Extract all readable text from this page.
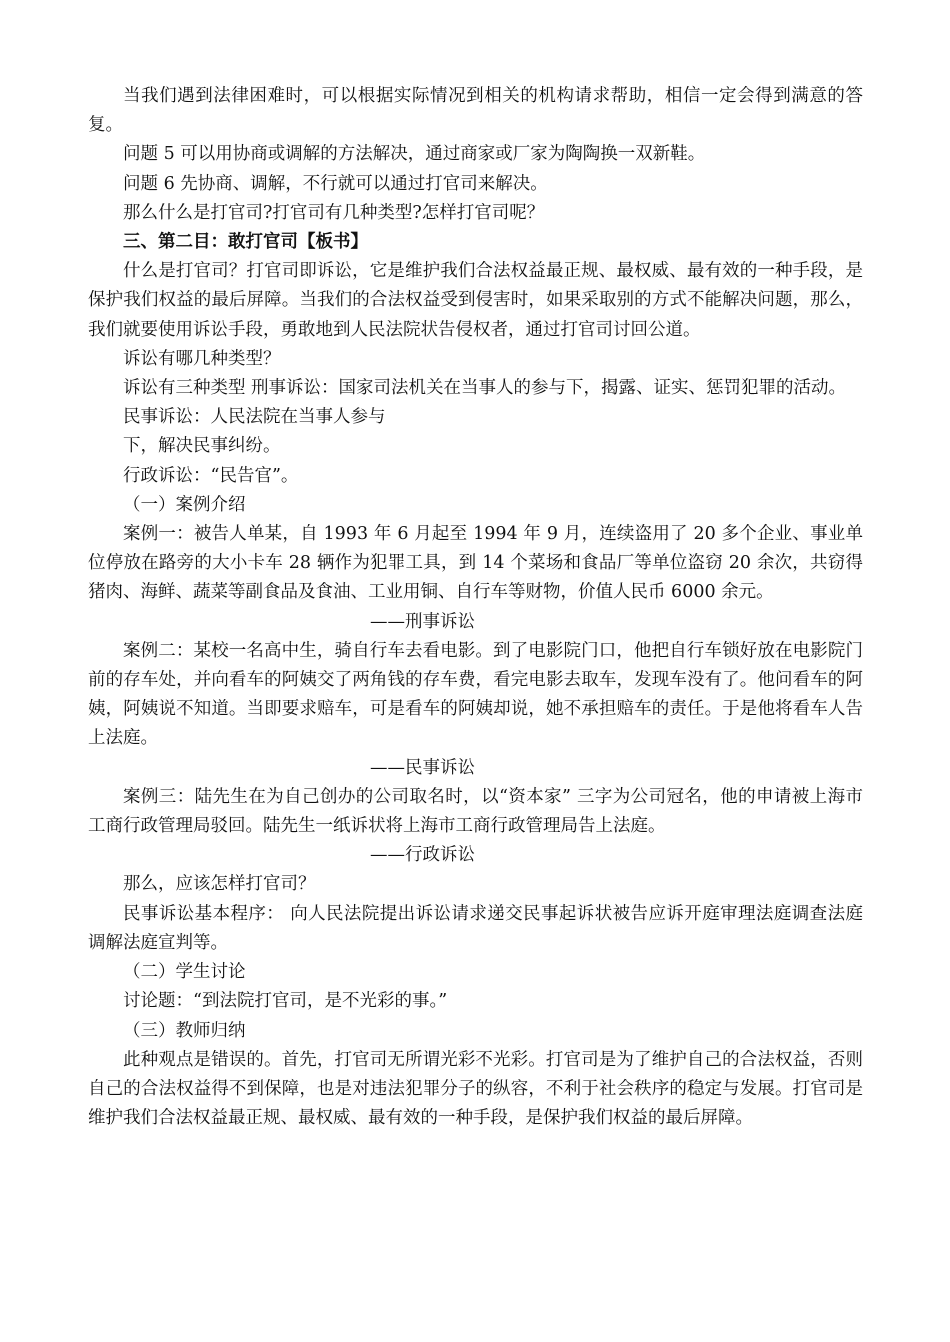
当我们遇到法律困难时，可以根据实际情况到相关的机构请求帮助，相信一定会得到满意的答复。

问题 5 可以用协商或调解的方法解决，通过商家或厂家为陶陶换一双新鞋。

问题 6 先协商、调解，不行就可以通过打官司来解决。

那么什么是打官司?打官司有几种类型?怎样打官司呢？

三、第二目：敢打官司【板书】

什么是打官司？打官司即诉讼，它是维护我们合法权益最正规、最权威、最有效的一种手段，是保护我们权益的最后屏障。当我们的合法权益受到侵害时，如果采取别的方式不能解决问题，那么，我们就要使用诉讼手段，勇敢地到人民法院状告侵权者，通过打官司讨回公道。

诉讼有哪几种类型？

诉讼有三种类型 刑事诉讼：国家司法机关在当事人的参与下，揭露、证实、惩罚犯罪的活动。

民事诉讼：人民法院在当事人参与

下，解决民事纠纷。

行政诉讼：“民告官”。

（一）案例介绍

案例一：被告人单某，自 1993 年 6 月起至 1994 年 9 月，连续盗用了 20 多个企业、事业单位停放在路旁的大小卡车 28 辆作为犯罪工具，到 14 个菜场和食品厂等单位盗窃 20 余次，共窃得猪肉、海鲜、蔬菜等副食品及食油、工业用铜、自行车等财物，价值人民币 6000 余元。

——刑事诉讼

案例二：某校一名高中生，骑自行车去看电影。到了电影院门口，他把自行车锁好放在电影院门前的存车处，并向看车的阿姨交了两角钱的存车费，看完电影去取车，发现车没有了。他问看车的阿姨，阿姨说不知道。当即要求赔车，可是看车的阿姨却说，她不承担赔车的责任。于是他将看车人告上法庭。

——民事诉讼

案例三：陆先生在为自己创办的公司取名时，以“资本家” 三字为公司冠名，他的申请被上海市工商行政管理局驳回。陆先生一纸诉状将上海市工商行政管理局告上法庭。

——行政诉讼

那么，应该怎样打官司？

民事诉讼基本程序： 向人民法院提出诉讼请求递交民事起诉状被告应诉开庭审理法庭调查法庭调解法庭宣判等。

（二）学生讨论

讨论题：“到法院打官司，是不光彩的事。”

（三）教师归纳

此种观点是错误的。首先，打官司无所谓光彩不光彩。打官司是为了维护自己的合法权益，否则自己的合法权益得不到保障，也是对违法犯罪分子的纵容，不利于社会秩序的稳定与发展。打官司是维护我们合法权益最正规、最权威、最有效的一种手段，是保护我们权益的最后屏障。
